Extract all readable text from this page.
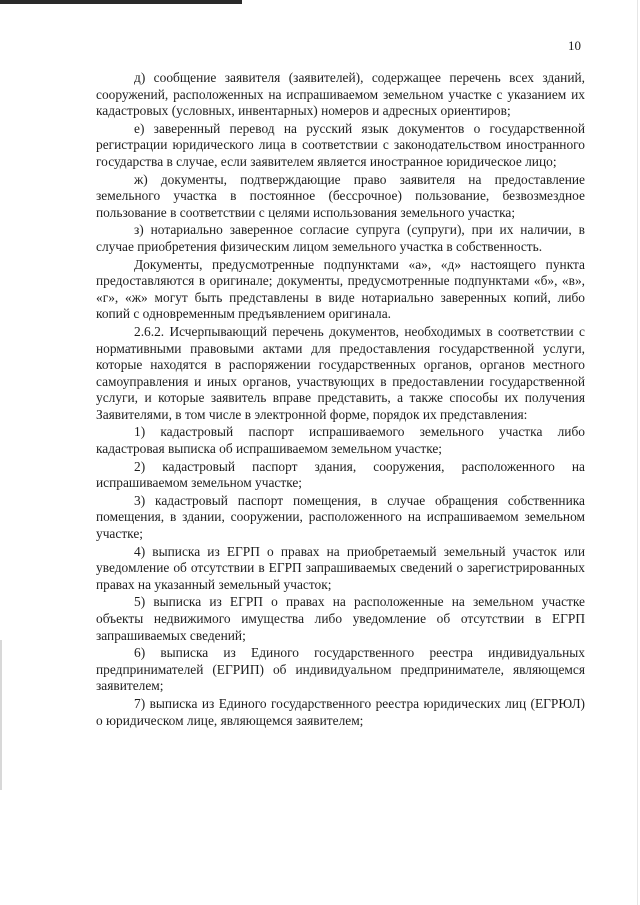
10

д) сообщение заявителя (заявителей), содержащее перечень всех зданий, сооружений, расположенных на испрашиваемом земельном участке с указанием их кадастровых (условных, инвентарных) номеров и адресных ориентиров;

е) заверенный перевод на русский язык документов о государственной регистрации юридического лица в соответствии с законодательством иностранного государства в случае, если заявителем является иностранное юридическое лицо;

ж) документы, подтверждающие право заявителя на предоставление земельного участка в постоянное (бессрочное) пользование, безвозмездное пользование в соответствии с целями использования земельного участка;

з) нотариально заверенное согласие супруга (супруги), при их наличии, в случае приобретения физическим лицом земельного участка в собственность.

Документы, предусмотренные подпунктами «а», «д» настоящего пункта предоставляются в оригинале; документы, предусмотренные подпунктами «б», «в», «г», «ж» могут быть представлены в виде нотариально заверенных копий, либо копий с одновременным предъявлением оригинала.

2.6.2. Исчерпывающий перечень документов, необходимых в соответствии с нормативными правовыми актами для предоставления государственной услуги, которые находятся в распоряжении государственных органов, органов местного самоуправления и иных органов, участвующих в предоставлении государственной услуги, и которые заявитель вправе представить, а также способы их получения Заявителями, в том числе в электронной форме, порядок их представления:

1) кадастровый паспорт испрашиваемого земельного участка либо кадастровая выписка об испрашиваемом земельном участке;

2) кадастровый паспорт здания, сооружения, расположенного на испрашиваемом земельном участке;

3) кадастровый паспорт помещения, в случае обращения собственника помещения, в здании, сооружении, расположенного на испрашиваемом земельном участке;

4) выписка из ЕГРП о правах на приобретаемый земельный участок или уведомление об отсутствии в ЕГРП запрашиваемых сведений о зарегистрированных правах на указанный земельный участок;

5) выписка из ЕГРП о правах на расположенные на земельном участке объекты недвижимого имущества либо уведомление об отсутствии в ЕГРП запрашиваемых сведений;

6) выписка из Единого государственного реестра индивидуальных предпринимателей (ЕГРИП) об индивидуальном предпринимателе, являющемся заявителем;

7) выписка из Единого государственного реестра юридических лиц (ЕГРЮЛ) о юридическом лице, являющемся заявителем;
